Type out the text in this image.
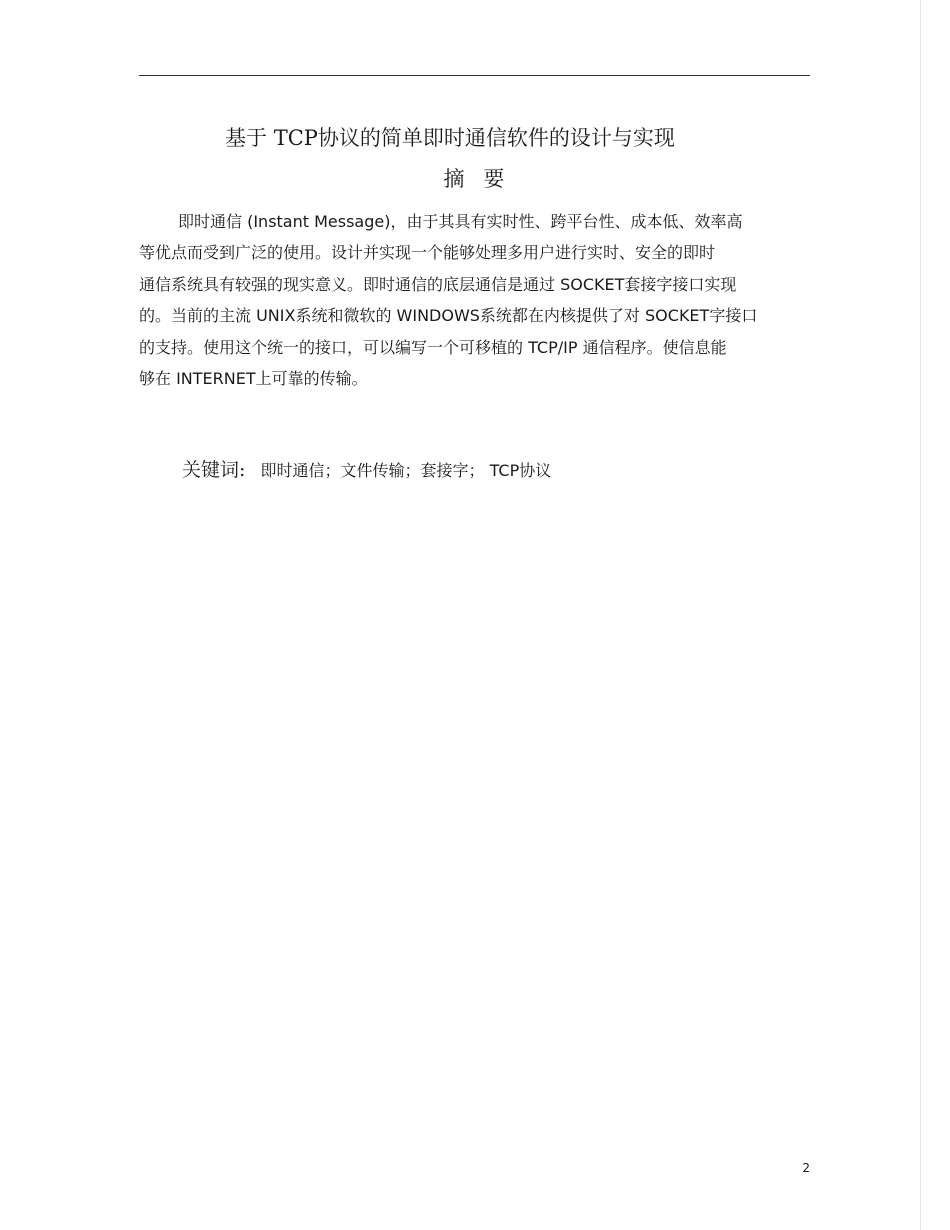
基于 TCP协议的简单即时通信软件的设计与实现
摘要
即时通信 (Instant Message)，由于其具有实时性、跨平台性、成本低、效率高
等优点而受到广泛的使用。设计并实现一个能够处理多用户进行实时、安全的即时
通信系统具有较强的现实意义。即时通信的底层通信是通过 SOCKET套接字接口实现
的。当前的主流 UNIX系统和微软的 WINDOWS系统都在内核提供了对 SOCKET字接口
的支持。使用这个统一的接口，可以编写一个可移植的 TCP/IP 通信程序。使信息能
够在 INTERNET上可靠的传输。
关键词: 即时通信；文件传输；套接字； TCP协议
2
